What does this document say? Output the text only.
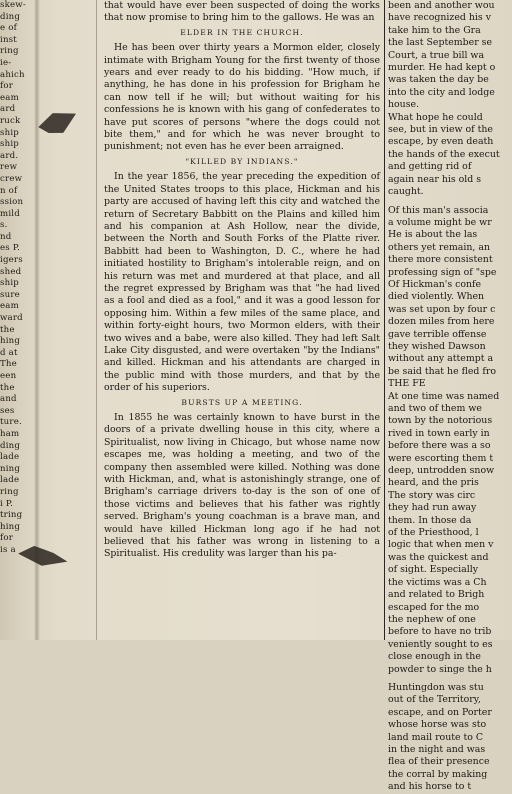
skew-
ding
e of
inst
ring
ie-
ahich
for
eam
ard
ruck
ship
ship
ard.
rew
crew
n of
ssion
mild
s.
nd
es P.
igers
shed
ship
sure
eam
ward
the
hing
d at
The
een
the
and
ses
ture.
ham
ding
lade
ning
lade
ring
i P.
tring
hing
for
is a

that would have ever been suspected of doing the works that now promise to bring him to the gallows. He was an

ELDER IN THE CHURCH.

He has been over thirty years a Mormon elder, closely intimate with Brigham Young for the first twenty of those years and ever ready to do his bidding. "How much, if anything, he has done in his profession for Brigham he can now tell if he will; but without waiting for his confessions he is known with his gang of confederates to have put scores of persons "where the dogs could not bite them," and for which he was never brought to punishment; not even has he ever been arraigned.

"KILLED BY INDIANS."

In the year 1856, the year preceding the expedition of the United States troops to this place, Hickman and his party are accused of having left this city and watched the return of Secretary Babbitt on the Plains and killed him and his companion at Ash Hollow, near the divide, between the North and South Forks of the Platte river. Babbitt had been to Washington, D. C., where he had initiated hostility to Brigham's intolerable reign, and on his return was met and murdered at that place, and all the regret expressed by Brigham was that "he had lived as a fool and died as a fool," and it was a good lesson for opposing him. Within a few miles of the same place, and within forty-eight hours, two Mormon elders, with their two wives and a babe, were also killed. They had left Salt Lake City disgusted, and were overtaken "by the Indians" and killed. Hickman and his attendants are charged in the public mind with those murders, and that by the order of his superiors.

BURSTS UP A MEETING.

In 1855 he was certainly known to have burst in the doors of a private dwelling house in this city, where a Spiritualist, now living in Chicago, but whose name now escapes me, was holding a meeting, and two of the company then assembled were killed. Nothing was done with Hickman, and, what is astonishingly strange, one of Brigham's carriage drivers to-day is the son of one of those victims and believes that his father was rightly served. Brigham's young coachman is a brave man, and would have killed Hickman long ago if he had not believed that his father was wrong in listening to a Spiritualist. His credulity was larger than his pa-

been and another wou
have recognized his v
take him to the Gra
the last September se
Court, a true bill wa
murder. He had kept o
was taken the day be
into the city and lodge
house.
What hope he could
see, but in view of the
escape, by even death
the hands of the execut
and getting rid of
again near his old s
caught.
Of this man's associa
a volume might be wr
He is about the las
others yet remain, an
there more consistent
professing sign of "spe
Of Hickman's confe
died violently. When
was set upon by four c
dozen miles from here
gave terrible offense
they wished Dawson
without any attempt a
be said that he fled fro
THE FE
At one time was named
and two of them we
town by the notorious
rived in town early in
before there was a so
were escorting them t
deep, untrodden snow
heard, and the pris
The story was circ
they had run away
them. In those da
of the Priesthood, l
logic that when men v
was the quickest and
of sight. Especially
the victims was a Ch
and related to Brigh
escaped for the mo
the nephew of one
before to have no trib
veniently sought to es
close enough in the
powder to singe the h
Huntingdon was stu
out of the Territory,
escape, and on Porter
whose horse was sto
land mail route to C
in the night and was
flea of their presence
the corral by making
and his horse to t
